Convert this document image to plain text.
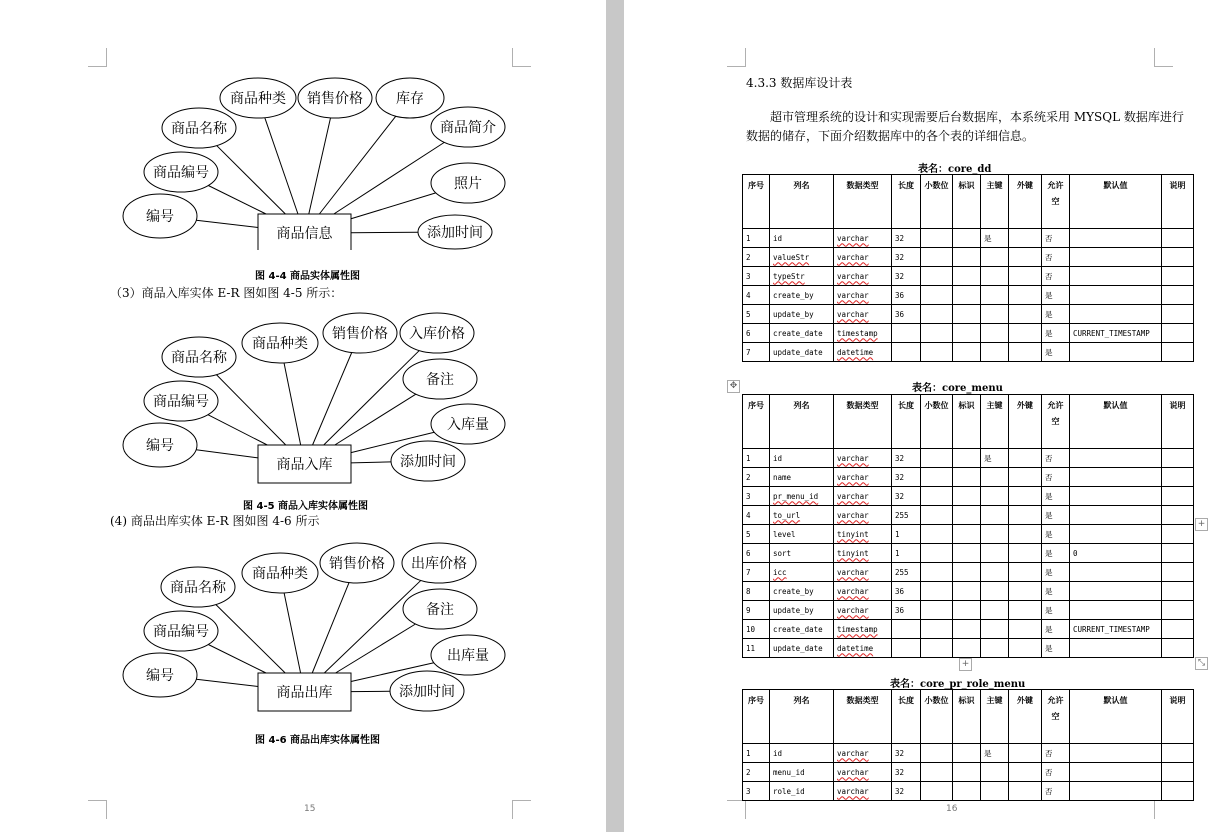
商品种类 销售价格 库存
商品名称	商品简介
商品编号
照片
编号
添加时间
商品信息
图 4-4 商品实体属性图
（3）商品入库实体 E-R 图如图 4-5 所示：
商品种类
销售价格 入库价格
商品名称
备注
商品编号
入库量
编号
添加时间
商品入库
图 4-5 商品入库实体属性图
(4) 商品出库实体 E-R 图如图 4-6 所示
商品种类
销售价格 出库价格
商品名称
备注
商品编号
出库量
编号
添加时间
商品出库
图 4-6 商品出库实体属性图
15
4.3.3 数据库设计表
超市管理系统的设计和实现需要后台数据库，本系统采用 MYSQL 数据库进行数据的储存，下面介绍数据库中的各个表的详细信息。
表名：core_dd
序号	列名	数据类型	长度	小数位	标识	主键	外键	允许空	默认值	说明
1	id	varchar	32			是		否		
2	valueStr	varchar	32					否		
3	typeStr	varchar	32					否		
4	create_by	varchar	36					是		
5	update_by	varchar	36					是		
6	create_date	timestamp						是	CURRENT_TIMESTAMP	
7	update_date	datetime						是		
✥	表名：core_menu
序号	列名	数据类型	长度	小数位	标识	主键	外键	允许空	默认值	说明
1	id	varchar	32			是		否		
2	name	varchar	32					否		
3	pr_menu_id	varchar	32					是		
4	to_url	varchar	255					是		
5	level	tinyint	1					是		
6	sort	tinyint	1					是	0	
7	icc	varchar	255					是		
8	create_by	varchar	36					是		
9	update_by	varchar	36					是		
10	create_date	timestamp						是	CURRENT_TIMESTAMP	
11	update_date	datetime						是		
+
+
⤡
表名：core_pr_role_menu
序号	列名	数据类型	长度	小数位	标识	主键	外键	允许空	默认值	说明
1	id	varchar	32			是		否		
2	menu_id	varchar	32					否		
3	role_id	varchar	32					否		
16
